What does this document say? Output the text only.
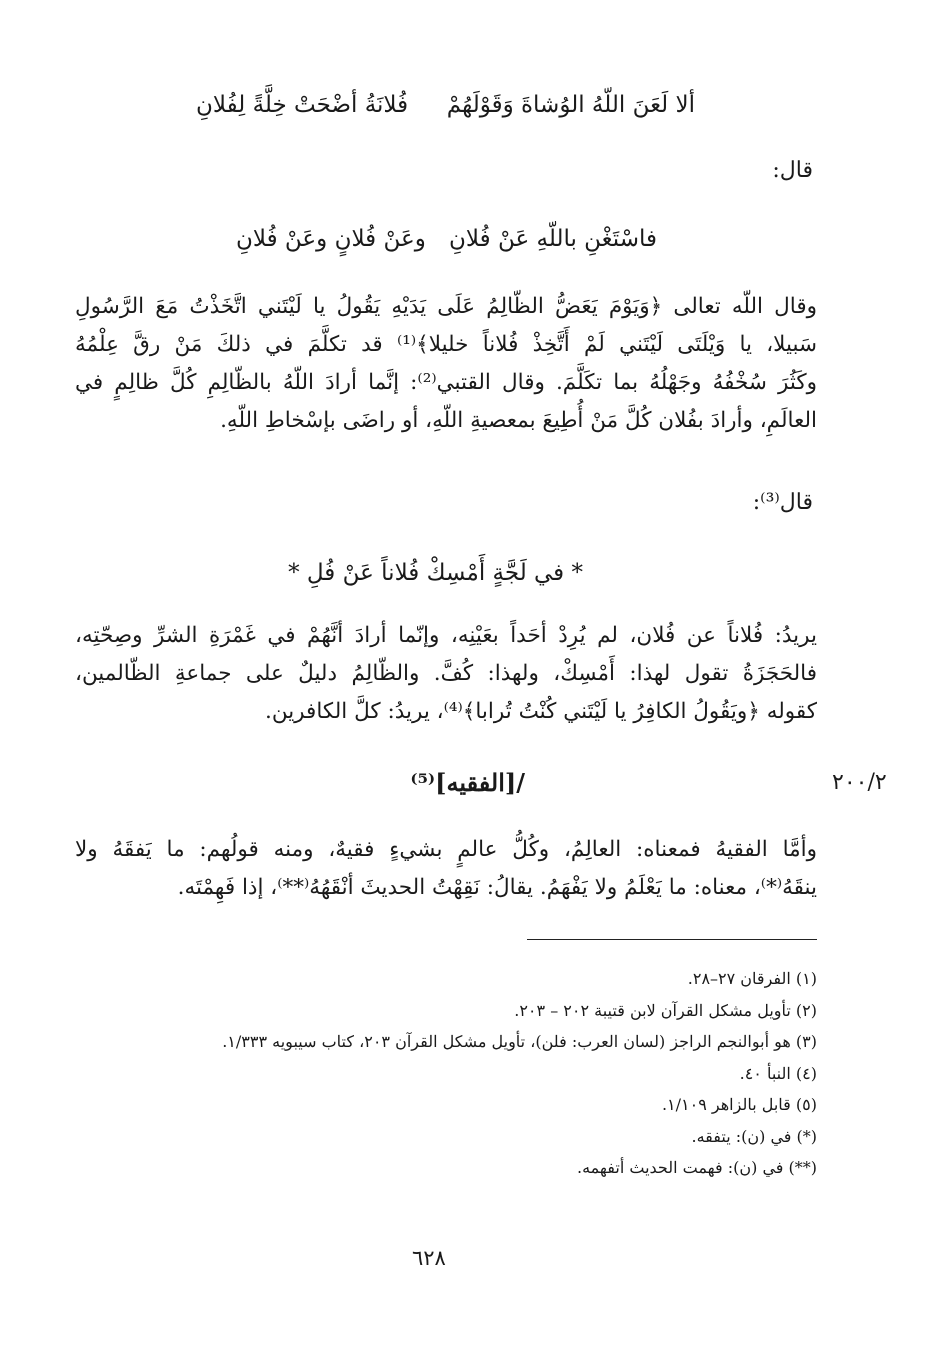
ألا لَعَنَ اللّهُ الوُشاةَ وَقَوْلَهُمْ
فُلانَةُ أضْحَتْ خِلَّةً لِفُلانِ
قال:
فاسْتَغْنِ باللّهِ عَنْ فُلانِ
وعَنْ فُلانٍ وعَنْ فُلانِ
وقال اللّه تعالى ﴿وَيَوْمَ يَعَضُّ الظّالِمُ عَلَى يَدَيْهِ يَقُولُ يا لَيْتَني اتَّخَذْتُ مَعَ الرَّسُولِ
سَبيلا، يا وَيْلَتَى لَيْتَني لَمْ أَتَّخِذْ فُلاناً خليلا﴾⁽¹⁾ قد تكلَّمَ في ذلكَ مَنْ رقَّ عِلْمُهُ
وكَثُرَ سُخْفُهُ وجَهْلُهُ بما تكَلَّمَ. وقال القتبي⁽²⁾: إنَّما أرادَ اللّهُ بالظّالِمِ كُلَّ ظالِمٍ في
العالَمِ، وأرادَ بفُلان كُلَّ مَنْ أُطِيعَ بمعصيةِ اللّهِ، أو راضَى بإسْخاطِ اللّهِ.
قال⁽³⁾:
* في لَجَّةٍ أَمْسِكْ فُلاناً عَنْ فُلِ *
يريدُ: فُلاناً عن فُلان، لم يُرِدْ أحَداً بعَيْنِه، وإنّما أرادَ أنَّهُمْ في غَمْرَةِ الشرِّ وصِحّتِه،
فالحَجَزَةُ تقول لهذا: أَمْسِكْ، ولهذا: كُفَّ. والظّالِمُ دليلٌ على جماعةِ الظّالمين،
كقوله ﴿ويَقُولُ الكافِرُ يا لَيْتَني كُنْتُ تُرابا﴾⁽⁴⁾، يريدُ: كلَّ الكافرين.
/[الفقيه]⁽⁵⁾	٢٠٠/٢
وأمَّا الفقيهُ فمعناه: العالِمُ، وكُلُّ عالمٍ بشيءٍ فقيهٌ، ومنه قولُهم: ما يَفقَهُ ولا
ينقَهُ⁽*⁾، معناه: ما يَعْلَمُ ولا يَفْهَمُ. يقالُ: نَقِهْتُ الحديثَ أنْقَهُهُ⁽**⁾، إذا فَهِمْتَه.
(١) الفرقان ٢٧–٢٨.
(٢) تأويل مشكل القرآن لابن قتيبة ٢٠٢ – ٢٠٣.
(٣) هو أبوالنجم الراجز (لسان العرب: فلن)، تأويل مشكل القرآن ٢٠٣، كتاب سيبويه ١/٣٣٣.
(٤) النبأ ٤٠.
(٥) قابل بالزاهر ١/١٠٩.
(*) في (ن): يتفقه.
(**) في (ن): فهمت الحديث أتفهمه.
٦٢٨
